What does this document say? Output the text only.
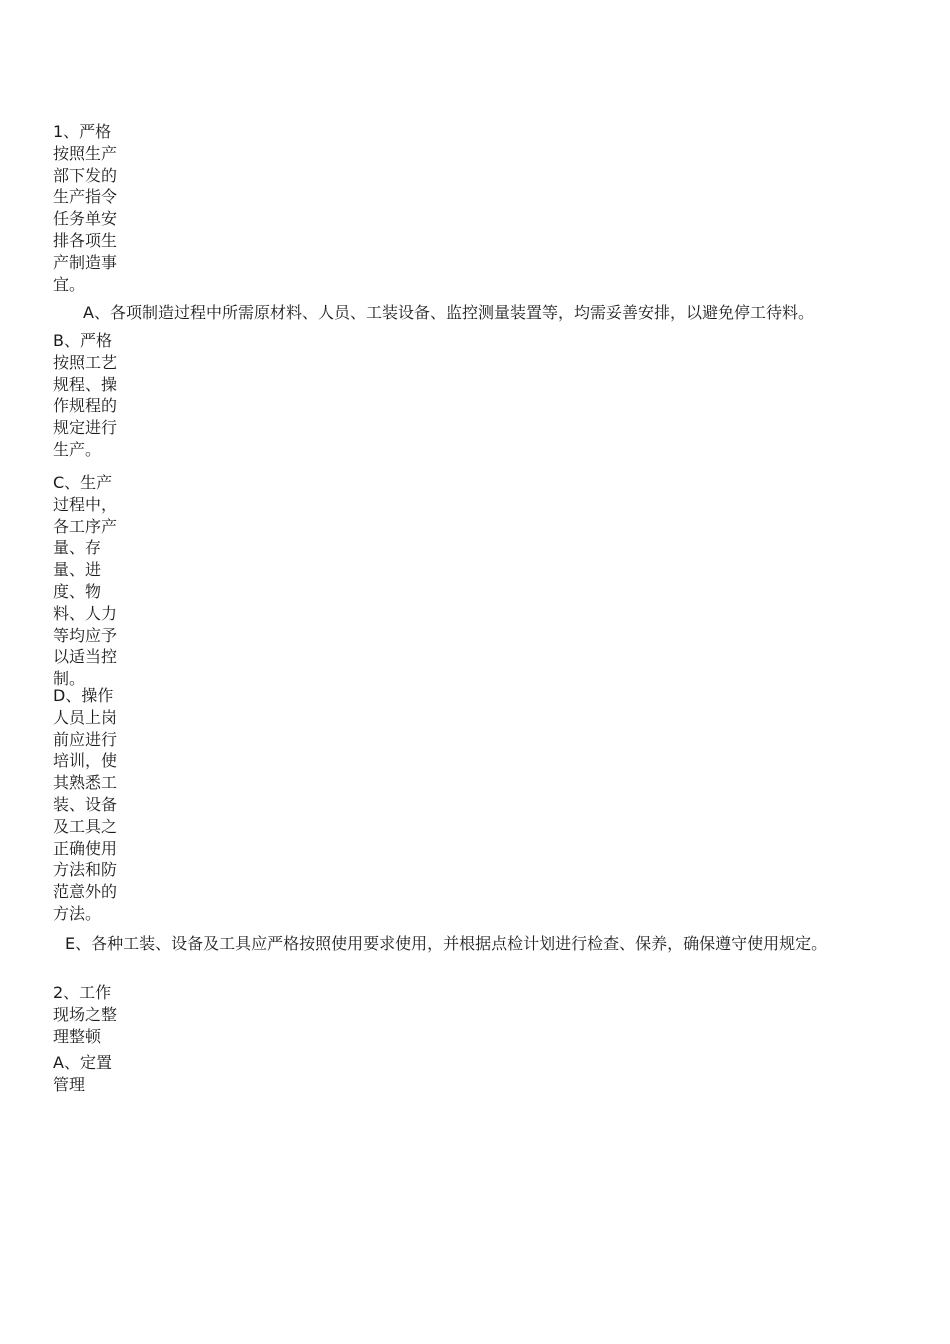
1、严格按照生产部下发的生产指令任务单安排各项生产制造事宜。
A、各项制造过程中所需原材料、人员、工装设备、监控测量装置等，均需妥善安排，以避免停工待料。
B、严格按照工艺规程、操作规程的规定进行生产。
C、生产过程中，各工序产量、存量、进度、物料、人力等均应予以适当控制。
D、操作人员上岗前应进行培训，使其熟悉工装、设备及工具之正确使用方法和防范意外的方法。
E、各种工装、设备及工具应严格按照使用要求使用，并根据点检计划进行检查、保养，确保遵守使用规定。
2、工作现场之整理整顿
A、定置管理
